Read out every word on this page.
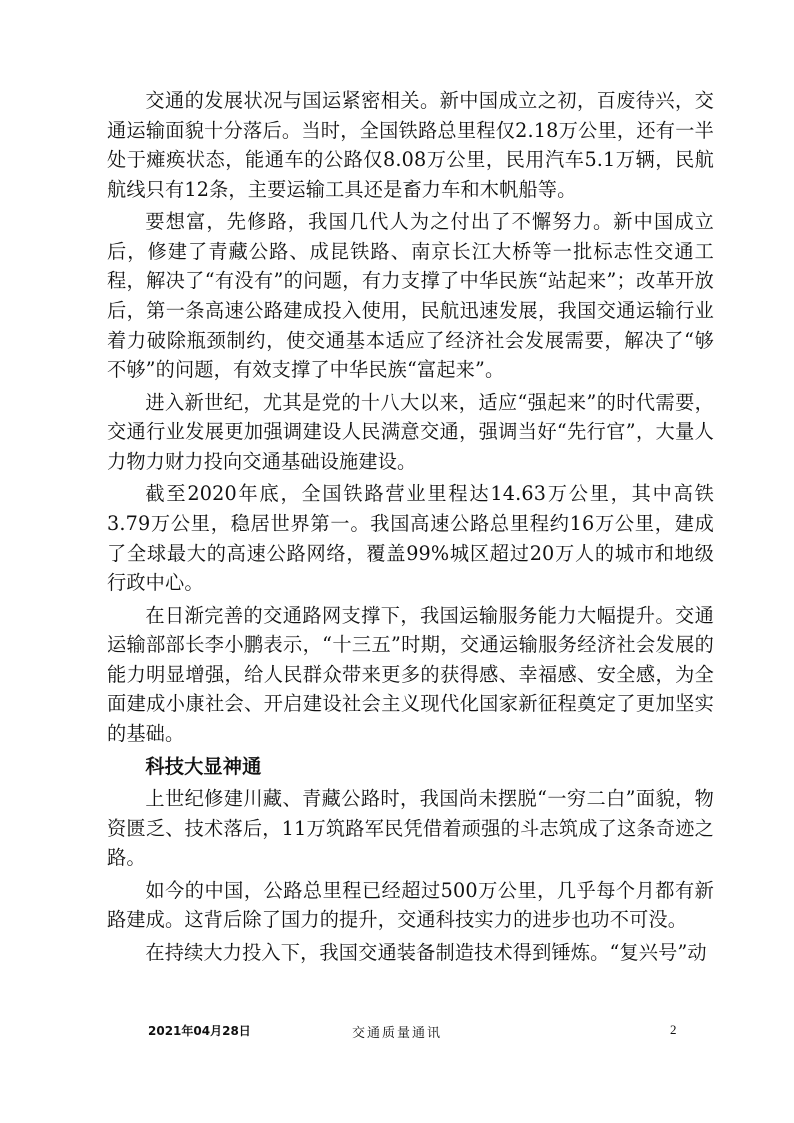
交通的发展状况与国运紧密相关。新中国成立之初，百废待兴，交通运输面貌十分落后。当时，全国铁路总里程仅2.18万公里，还有一半处于瘫痪状态，能通车的公路仅8.08万公里，民用汽车5.1万辆，民航航线只有12条，主要运输工具还是畜力车和木帆船等。

要想富，先修路，我国几代人为之付出了不懈努力。新中国成立后，修建了青藏公路、成昆铁路、南京长江大桥等一批标志性交通工程，解决了“有没有”的问题，有力支撑了中华民族“站起来”；改革开放后，第一条高速公路建成投入使用，民航迅速发展，我国交通运输行业着力破除瓶颈制约，使交通基本适应了经济社会发展需要，解决了“够不够”的问题，有效支撑了中华民族“富起来”。

进入新世纪，尤其是党的十八大以来，适应“强起来”的时代需要，交通行业发展更加强调建设人民满意交通，强调当好“先行官”，大量人力物力财力投向交通基础设施建设。

截至2020年底，全国铁路营业里程达14.63万公里，其中高铁3.79万公里，稳居世界第一。我国高速公路总里程约16万公里，建成了全球最大的高速公路网络，覆盖99%城区超过20万人的城市和地级行政中心。

在日渐完善的交通路网支撑下，我国运输服务能力大幅提升。交通运输部部长李小鹏表示，“十三五”时期，交通运输服务经济社会发展的能力明显增强，给人民群众带来更多的获得感、幸福感、安全感，为全面建成小康社会、开启建设社会主义现代化国家新征程奠定了更加坚实的基础。

科技大显神通

上世纪修建川藏、青藏公路时，我国尚未摆脱“一穷二白”面貌，物资匮乏、技术落后，11万筑路军民凭借着顽强的斗志筑成了这条奇迹之路。

如今的中国，公路总里程已经超过500万公里，几乎每个月都有新路建成。这背后除了国力的提升，交通科技实力的进步也功不可没。

在持续大力投入下，我国交通装备制造技术得到锤炼。“复兴号”动

2021年04月28日	交通质量通讯	2
